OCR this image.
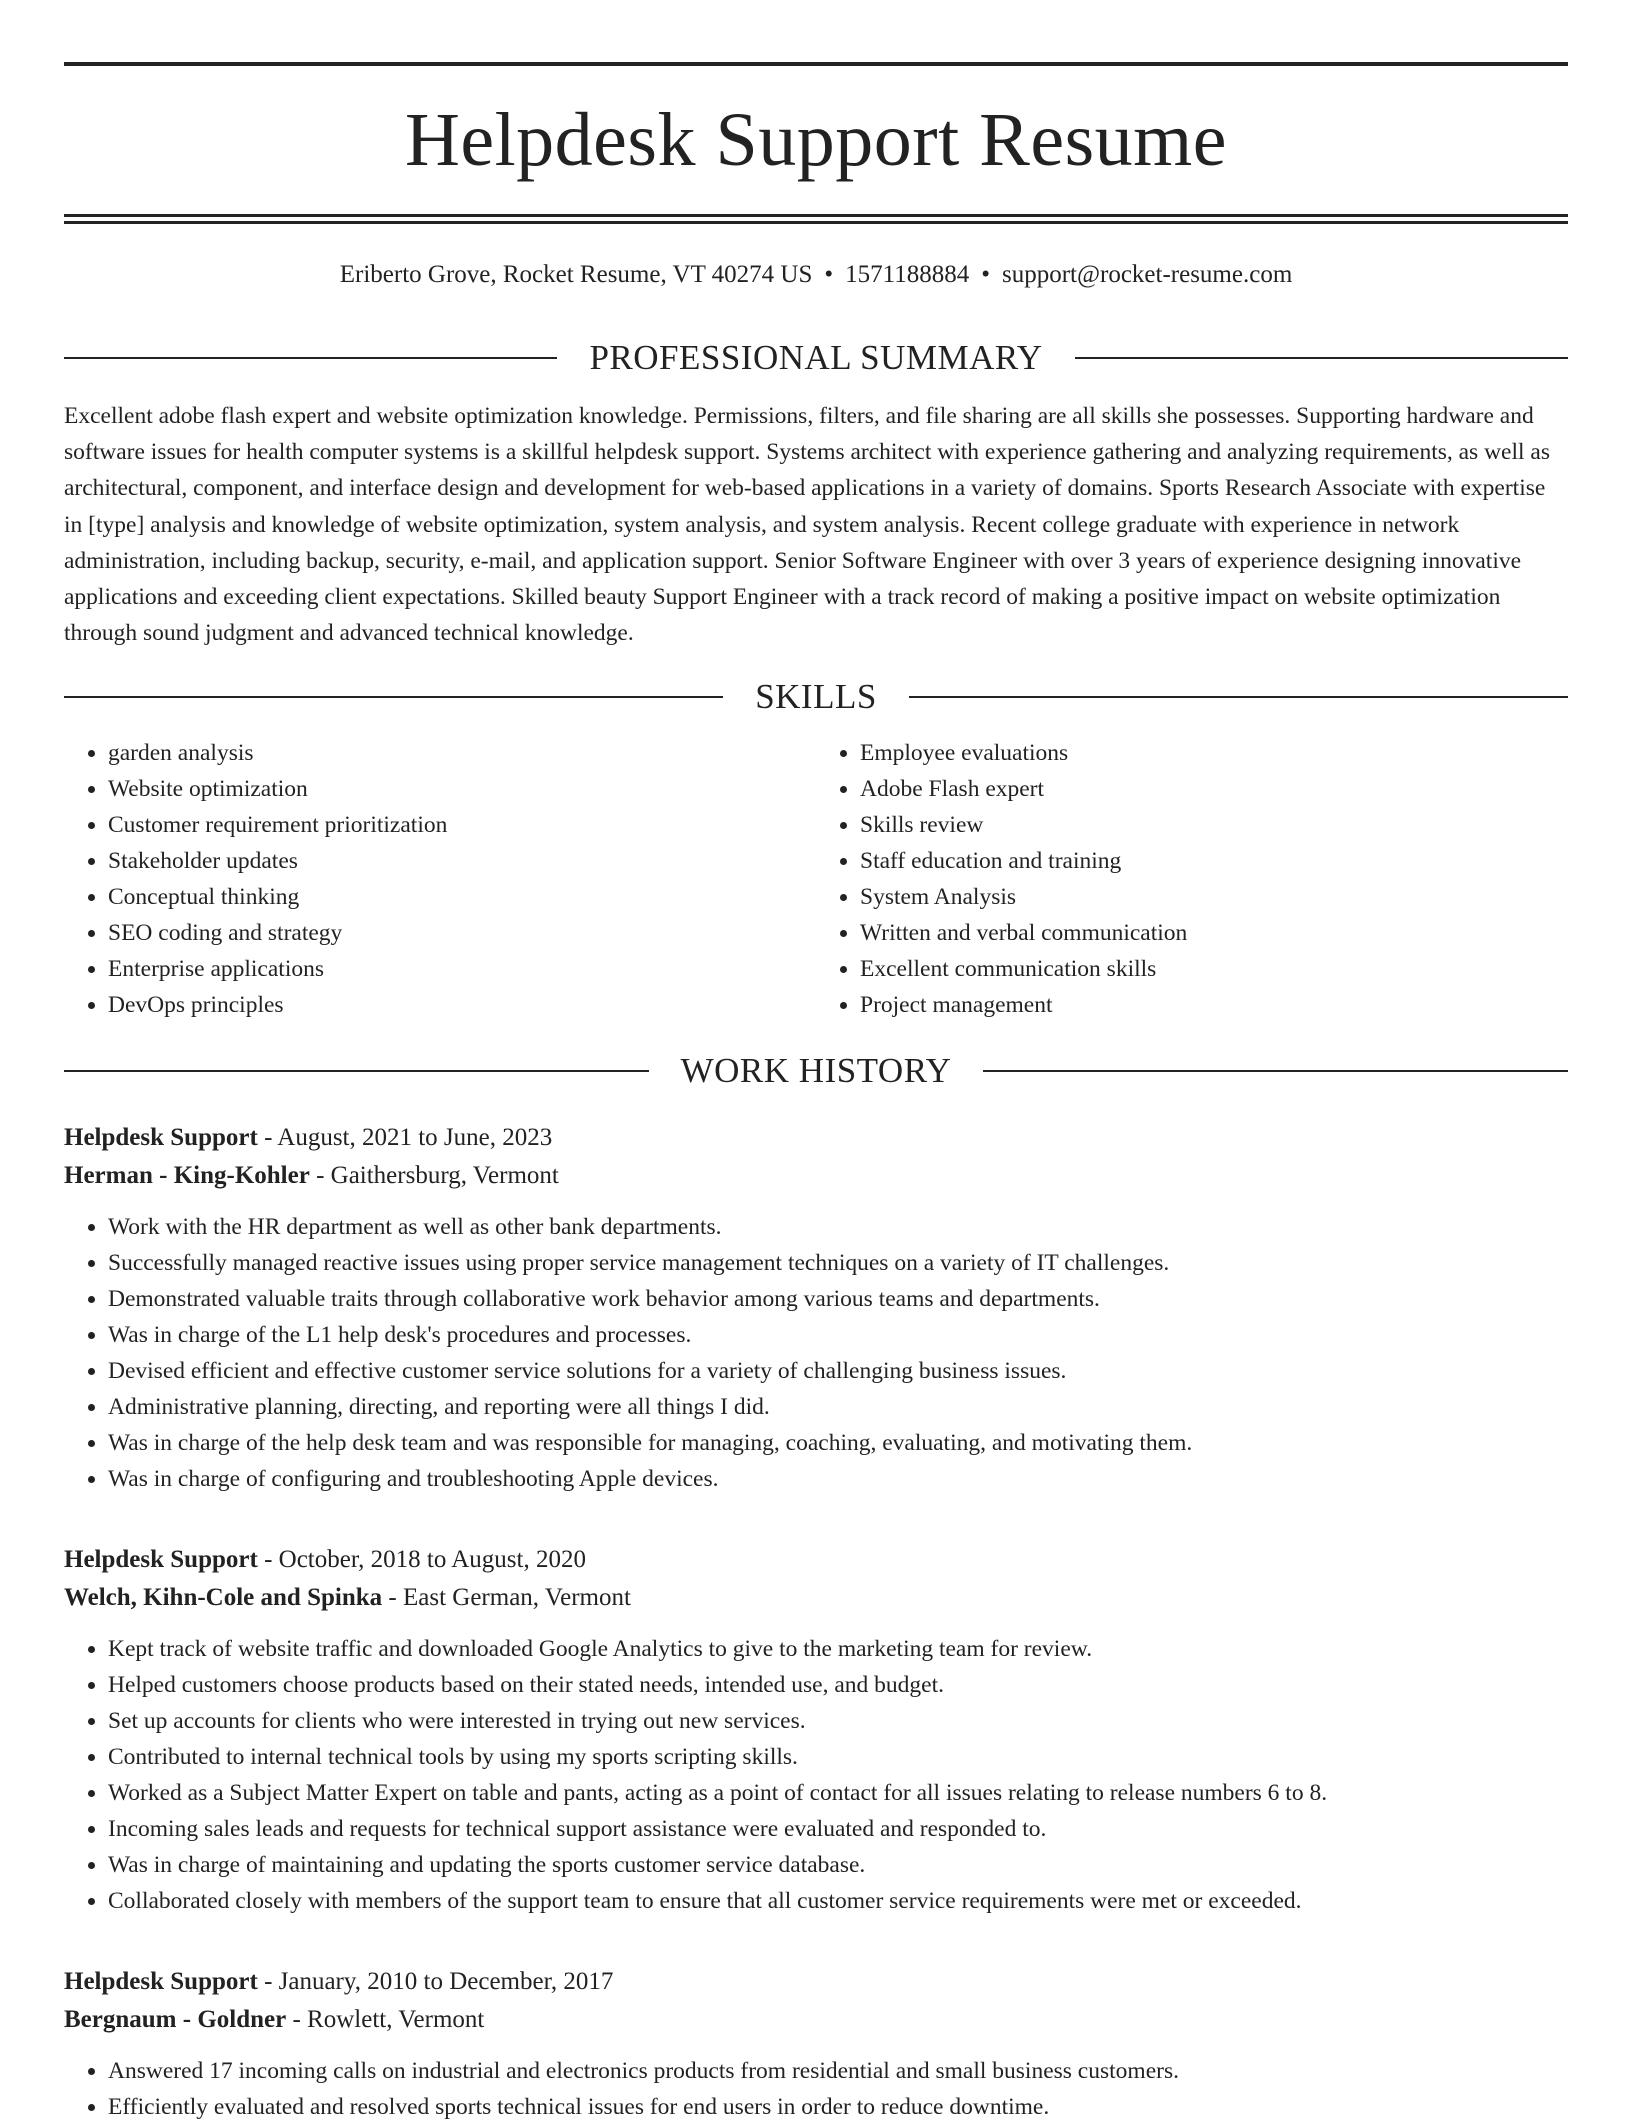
Helpdesk Support Resume
Eriberto Grove, Rocket Resume, VT 40274 US • 1571188884 • support@rocket-resume.com
PROFESSIONAL SUMMARY

Excellent adobe flash expert and website optimization knowledge. Permissions, filters, and file sharing are all skills she possesses. Supporting hardware and software issues for health computer systems is a skillful helpdesk support. Systems architect with experience gathering and analyzing requirements, as well as architectural, component, and interface design and development for web-based applications in a variety of domains. Sports Research Associate with expertise in [type] analysis and knowledge of website optimization, system analysis, and system analysis. Recent college graduate with experience in network administration, including backup, security, e-mail, and application support. Senior Software Engineer with over 3 years of experience designing innovative applications and exceeding client expectations. Skilled beauty Support Engineer with a track record of making a positive impact on website optimization through sound judgment and advanced technical knowledge.

SKILLS
• garden analysis
• Website optimization
• Customer requirement prioritization
• Stakeholder updates
• Conceptual thinking
• SEO coding and strategy
• Enterprise applications
• DevOps principles
• Employee evaluations
• Adobe Flash expert
• Skills review
• Staff education and training
• System Analysis
• Written and verbal communication
• Excellent communication skills
• Project management
WORK HISTORY
Helpdesk Support - August, 2021 to June, 2023
Herman - King-Kohler - Gaithersburg, Vermont
• Work with the HR department as well as other bank departments.
• Successfully managed reactive issues using proper service management techniques on a variety of IT challenges.
• Demonstrated valuable traits through collaborative work behavior among various teams and departments.
• Was in charge of the L1 help desk's procedures and processes.
• Devised efficient and effective customer service solutions for a variety of challenging business issues.
• Administrative planning, directing, and reporting were all things I did.
• Was in charge of the help desk team and was responsible for managing, coaching, evaluating, and motivating them.
• Was in charge of configuring and troubleshooting Apple devices.
Helpdesk Support - October, 2018 to August, 2020
Welch, Kihn-Cole and Spinka - East German, Vermont
• Kept track of website traffic and downloaded Google Analytics to give to the marketing team for review.
• Helped customers choose products based on their stated needs, intended use, and budget.
• Set up accounts for clients who were interested in trying out new services.
• Contributed to internal technical tools by using my sports scripting skills.
• Worked as a Subject Matter Expert on table and pants, acting as a point of contact for all issues relating to release numbers 6 to 8.
• Incoming sales leads and requests for technical support assistance were evaluated and responded to.
• Was in charge of maintaining and updating the sports customer service database.
• Collaborated closely with members of the support team to ensure that all customer service requirements were met or exceeded.
Helpdesk Support - January, 2010 to December, 2017
Bergnaum - Goldner - Rowlett, Vermont
• Answered 17 incoming calls on industrial and electronics products from residential and small business customers.
• Efficiently evaluated and resolved sports technical issues for end users in order to reduce downtime.
